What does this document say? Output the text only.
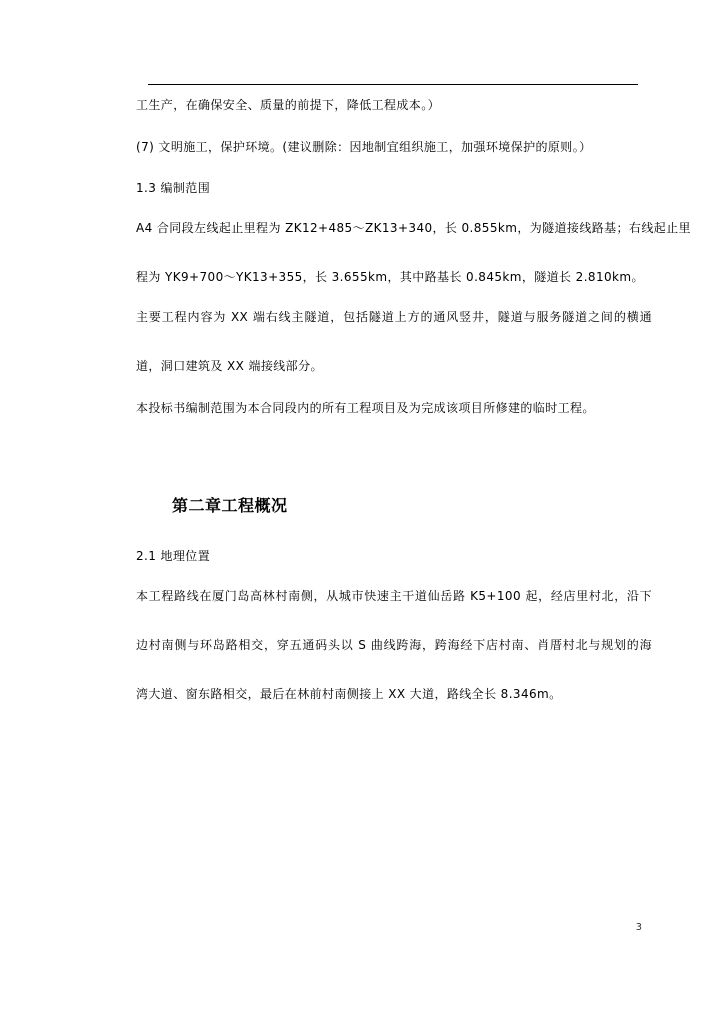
工生产，在确保安全、质量的前提下，降低工程成本。）
(7) 文明施工，保护环境。(建议删除：因地制宜组织施工，加强环境保护的原则。）
1.3 编制范围
A4 合同段左线起止里程为 ZK12+485～ZK13+340，长 0.855km，为隧道接线路基；右线起止里
程为 YK9+700～YK13+355，长 3.655km，其中路基长 0.845km，隧道长 2.810km。
主要工程内容为 XX 端右线主隧道，包括隧道上方的通风竖井，隧道与服务隧道之间的横通
道，洞口建筑及 XX 端接线部分。
本投标书编制范围为本合同段内的所有工程项目及为完成该项目所修建的临时工程。
第二章工程概况
2.1 地理位置
本工程路线在厦门岛高林村南侧，从城市快速主干道仙岳路 K5+100 起，经店里村北，沿下
边村南侧与环岛路相交，穿五通码头以 S 曲线跨海，跨海经下店村南、肖厝村北与规划的海
湾大道、窗东路相交，最后在林前村南侧接上 XX 大道，路线全长 8.346m。
3
